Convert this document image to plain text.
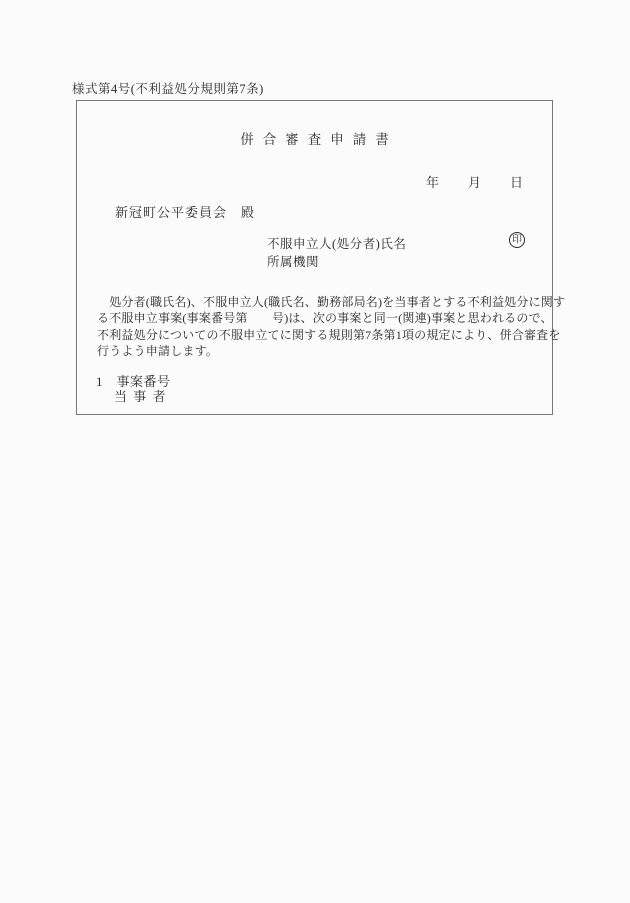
様式第4号(不利益処分規則第7条)
併合審査申請書
年　　月　　日
新冠町公平委員会　殿
不服申立人(処分者)氏名	印
所属機関
　処分者(職氏名)、不服申立人(職氏名、勤務部局名)を当事者とする不利益処分に関す
る不服申立事案(事案番号第　　号)は、次の事案と同一(関連)事案と思われるので、
不利益処分についての不服申立てに関する規則第7条第1項の規定により、併合審査を
行うよう申請します。
1　事案番号
当 事 者
